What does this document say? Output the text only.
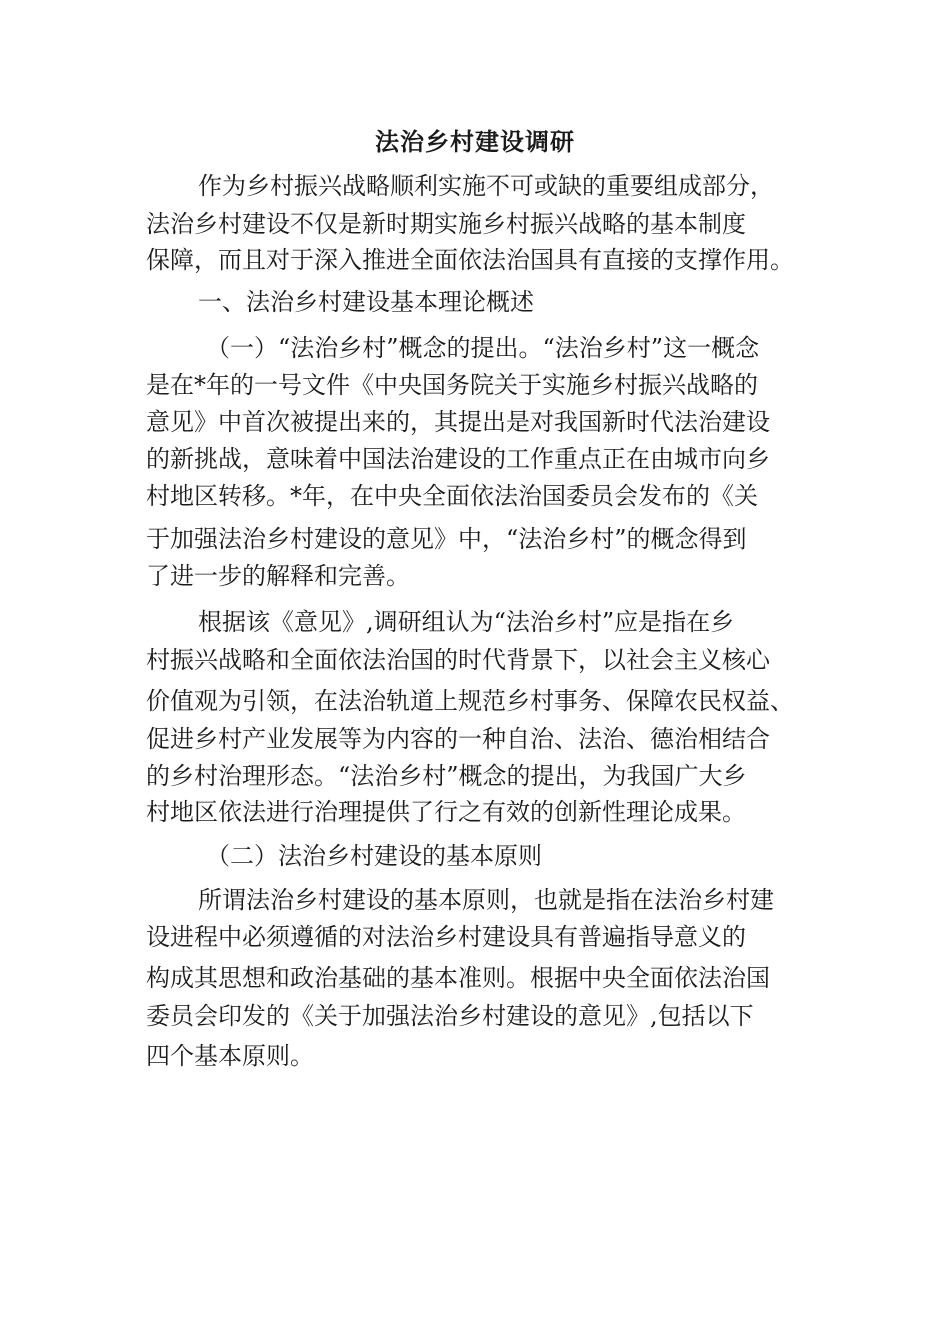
法治乡村建设调研
作为乡村振兴战略顺利实施不可或缺的重要组成部分，
法治乡村建设不仅是新时期实施乡村振兴战略的基本制度
保障，而且对于深入推进全面依法治国具有直接的支撑作用。
一、法治乡村建设基本理论概述
（一）“法治乡村”概念的提出。“法治乡村”这一概念
是在*年的一号文件《中央国务院关于实施乡村振兴战略的
意见》中首次被提出来的，其提出是对我国新时代法治建设
的新挑战，意味着中国法治建设的工作重点正在由城市向乡
村地区转移。*年，在中央全面依法治国委员会发布的《关
于加强法治乡村建设的意见》中，“法治乡村”的概念得到
了进一步的解释和完善。
根据该《意见》,调研组认为“法治乡村”应是指在乡
村振兴战略和全面依法治国的时代背景下，以社会主义核心
价值观为引领，在法治轨道上规范乡村事务、保障农民权益、
促进乡村产业发展等为内容的一种自治、法治、德治相结合
的乡村治理形态。“法治乡村”概念的提出，为我国广大乡
村地区依法进行治理提供了行之有效的创新性理论成果。
（二）法治乡村建设的基本原则
所谓法治乡村建设的基本原则，也就是指在法治乡村建
设进程中必须遵循的对法治乡村建设具有普遍指导意义的
构成其思想和政治基础的基本准则。根据中央全面依法治国
委员会印发的《关于加强法治乡村建设的意见》,包括以下
四个基本原则。
